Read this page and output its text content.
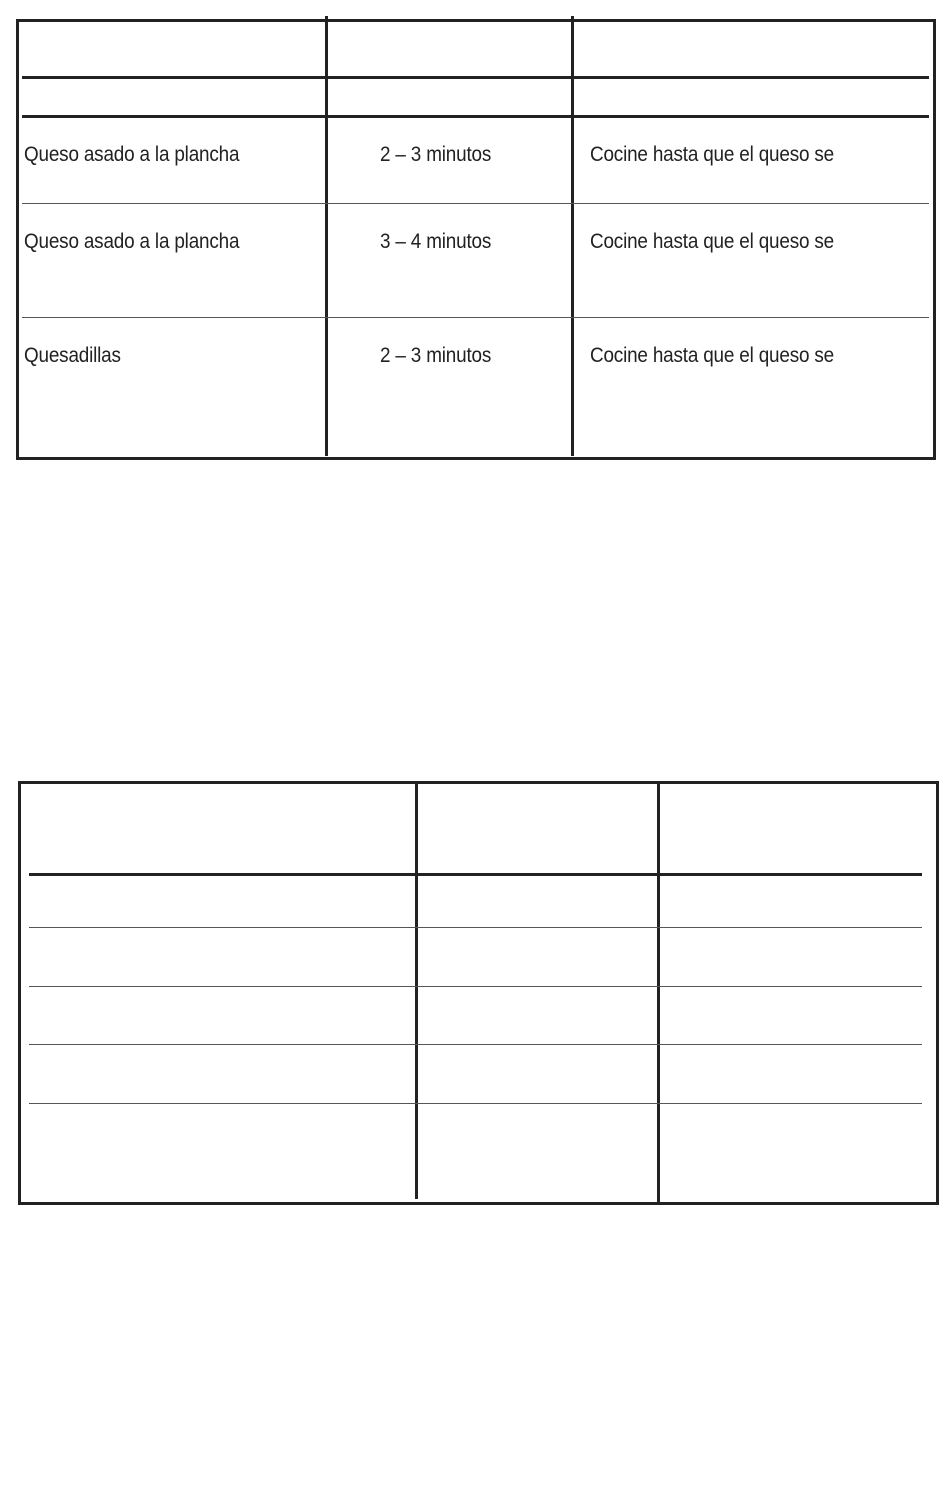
Queso asado a la plancha	2 – 3 minutos	Cocine hasta que el queso se
Queso asado a la plancha	3 – 4 minutos	Cocine hasta que el queso se
Quesadillas	2 – 3 minutos	Cocine hasta que el queso se
